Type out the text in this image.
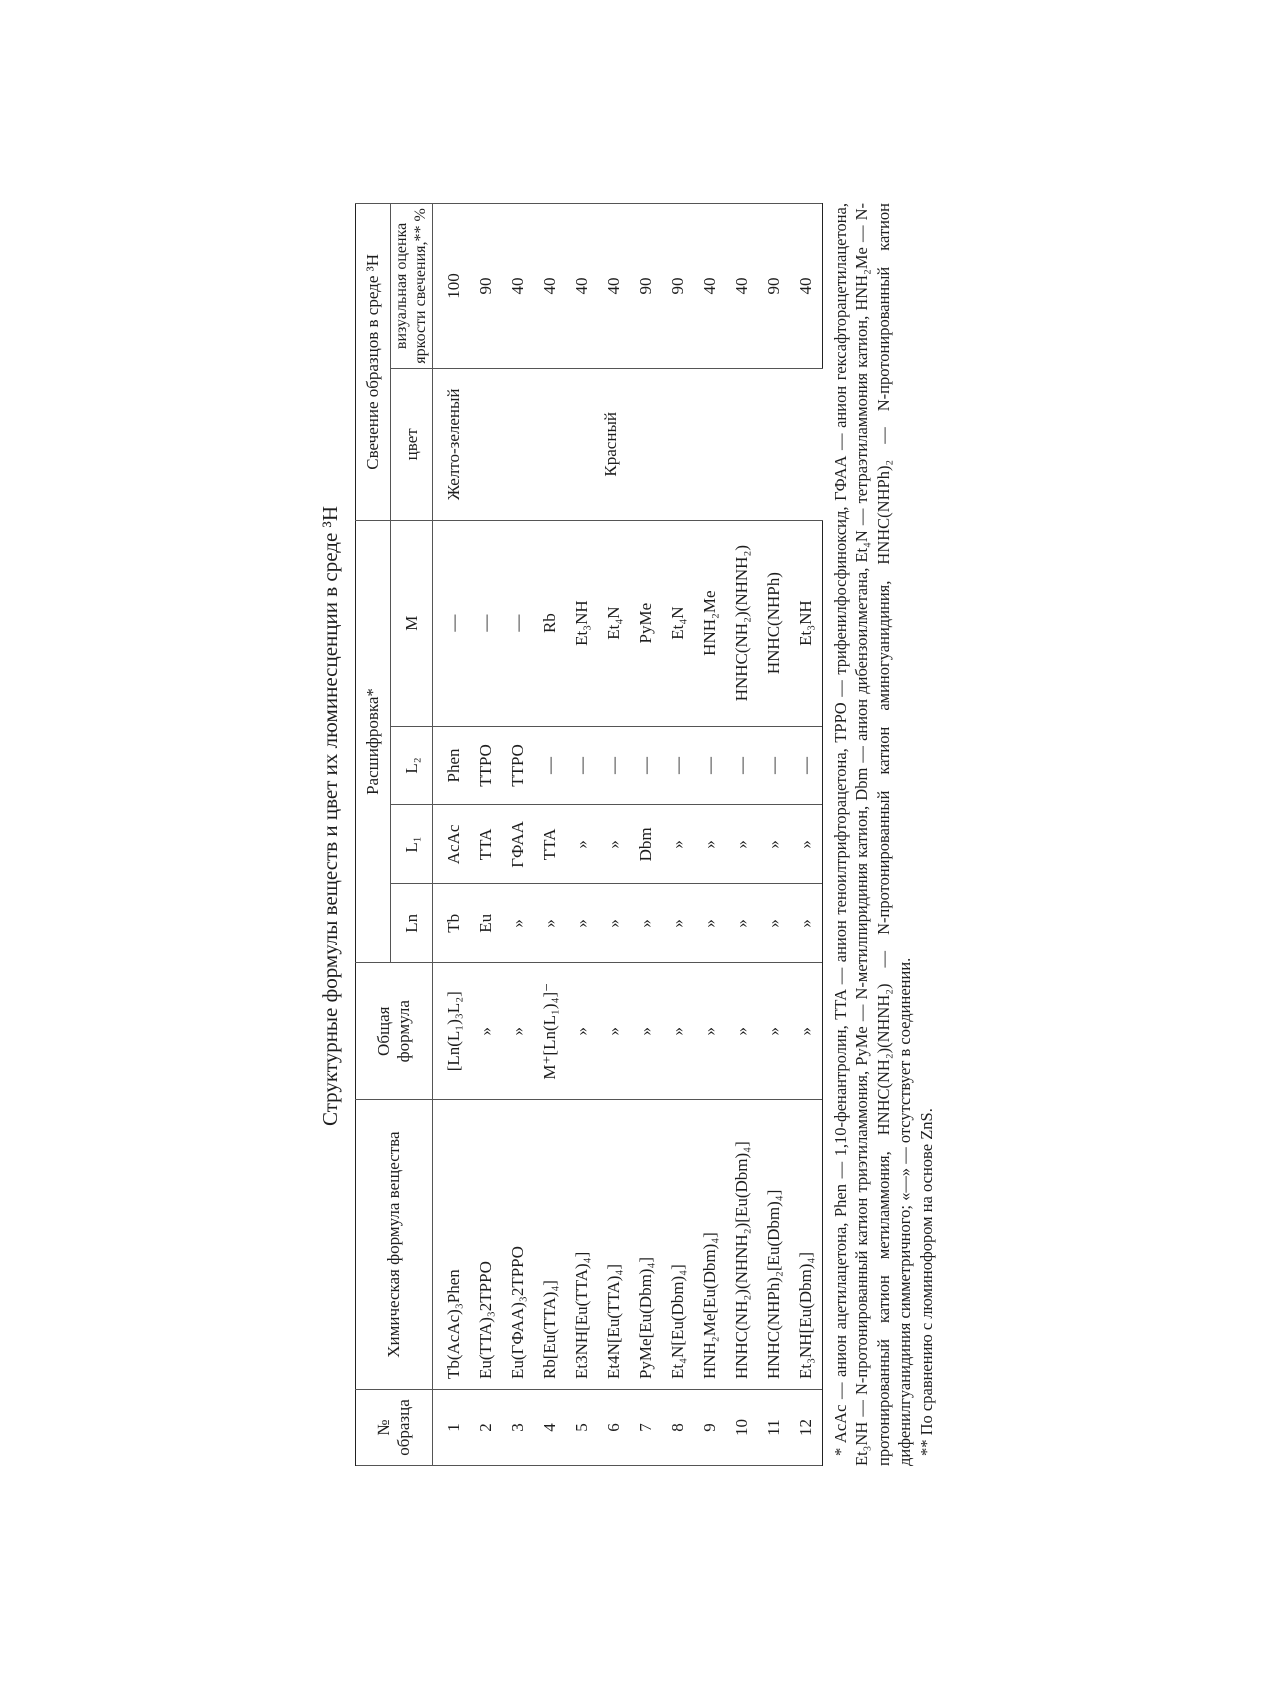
Структурные формулы веществ и цвет их люминесценции в среде ³H
№ образца	Химическая формула вещества	Общая формула	Расшифровка*				Свечение образцов в среде ³H	
			Ln	L₁	L₂	M	цвет	визуальная оценка яркости свечения,** %

1	Tb(AcAc)₃Phen	[Ln(L₁)₃L₂]	Tb	AcAc	Phen	—	Желто-зеленый	100
2	Eu(TTA)₃2TPPO	»	Eu	TTA	TTPO	—	Красный	90
3	Eu(ГФАА)₃2TPPO	»	»	ГФАА	TTPO	—		40
4	Rb[Eu(TTA)₄]	M⁺[Ln(L₁)₄]⁻	»	TTA	—	Rb		40
5	Et3NH[Eu(TTA)₄]	»	»	»	—	Et₃NH		40
6	Et4N[Eu(TTA)₄]	»	»	»	—	Et₄N		40
7	PyMe[Eu(Dbm)₄]	»	»	Dbm	—	PyMe		90
8	Et₄N[Eu(Dbm)₄]	»	»	»	—	Et₄N		90
9	HNH₂Me[Eu(Dbm)₄]	»	»	»	—	HNH₂Me		40
10	HNHC(NH₂)(NHNH₂)[Eu(Dbm)₄]	»	»	»	—	HNHC(NH₂)(NHNH₂)		40
11	HNHC(NHPh)₂[Eu(Dbm)₄]	»	»	»	—	HNHC(NHPh)		90
12	Et₃NH[Eu(Dbm)₄]	»	»	»	—	Et₃NH		40 * AcAc — анион ацетилацетона, Phen — 1,10-фенантролин, TTA — анион теноилтрифторацетона, TPPO — трифенилфосфиноксид, ГФАА — анион гексафторацетилацетона, Et₃NH — N-протонированный катион триэтиламмония, PyMe — N-метилпиридиния катион, Dbm — анион дибензоилметана, Et₄N — тетраэтиламмония катион, HNH₂Me — N-протонированный катион метиламмония, HNHC(NH₂)(NHNH₂) — N-протонированный катион аминогуанидиния, HNHC(NHPh)₂ — N-протонированный катион дифенилгуанидиния симметричного; «—» — отсутствует в соединении. ** По сравнению с люминофором на основе ZnS.
